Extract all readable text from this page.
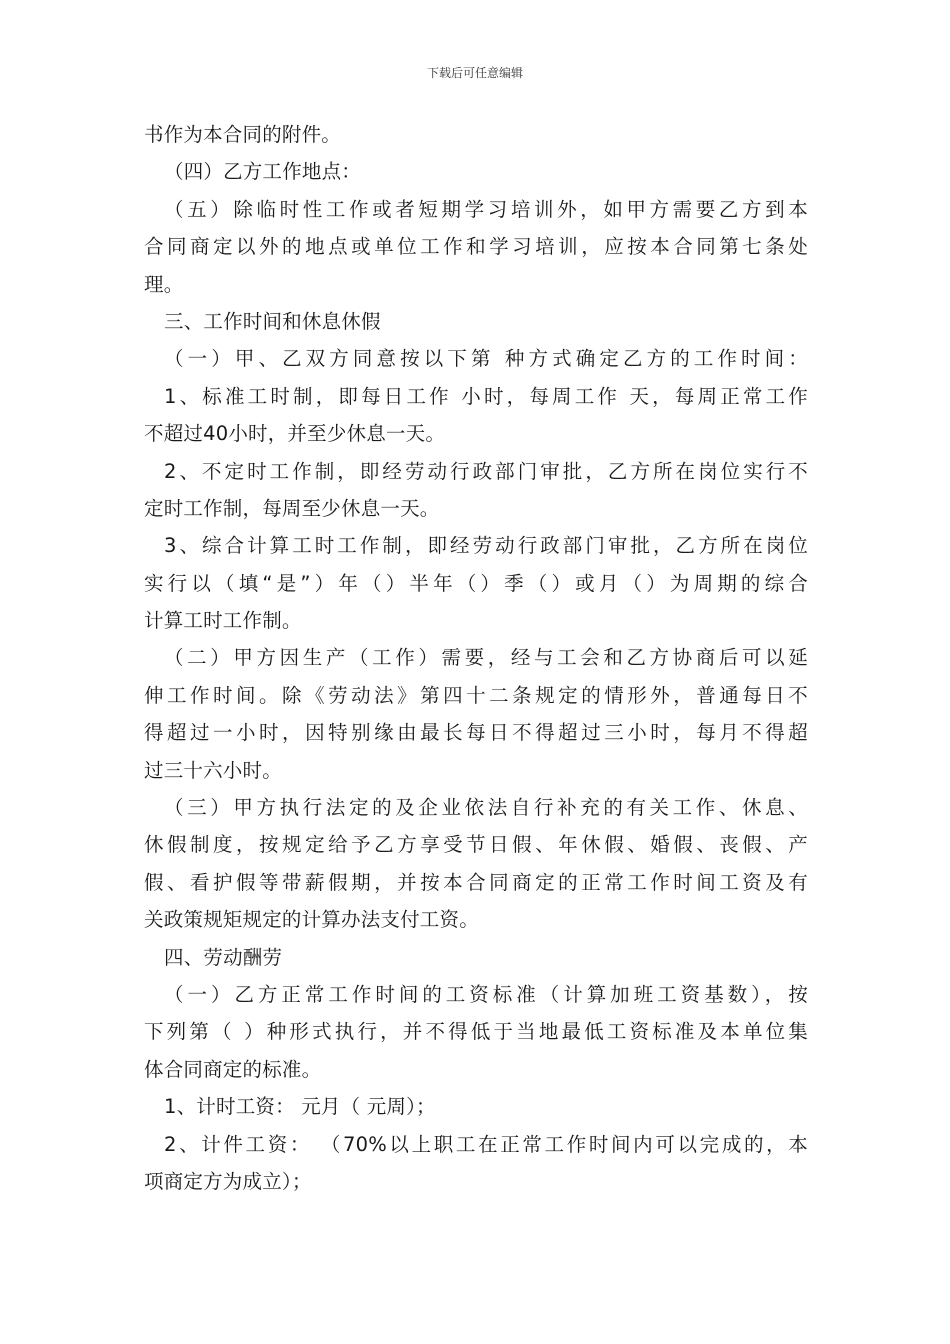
下载后可任意编辑
书作为本合同的附件。
（四）乙方工作地点：
（五）除临时性工作或者短期学习培训外，如甲方需要乙方到本
合同商定以外的地点或单位工作和学习培训，应按本合同第七条处
理。
三、工作时间和休息休假
（一）甲、乙双方同意按以下第 种方式确定乙方的工作时间：
1、标准工时制，即每日工作 小时，每周工作 天，每周正常工作
不超过40小时，并至少休息一天。
2、不定时工作制，即经劳动行政部门审批，乙方所在岗位实行不
定时工作制，每周至少休息一天。
3、综合计算工时工作制，即经劳动行政部门审批，乙方所在岗位
实行以（填“是”）年（）半年（）季（）或月（）为周期的综合
计算工时工作制。
（二）甲方因生产（工作）需要，经与工会和乙方协商后可以延
伸工作时间。除《劳动法》第四十二条规定的情形外，普通每日不
得超过一小时，因特别缘由最长每日不得超过三小时，每月不得超
过三十六小时。
（三）甲方执行法定的及企业依法自行补充的有关工作、休息、
休假制度，按规定给予乙方享受节日假、年休假、婚假、丧假、产
假、看护假等带薪假期，并按本合同商定的正常工作时间工资及有
关政策规矩规定的计算办法支付工资。
四、劳动酬劳
（一）乙方正常工作时间的工资标准（计算加班工资基数），按
下列第（ ）种形式执行，并不得低于当地最低工资标准及本单位集
体合同商定的标准。
1、计时工资： 元月（ 元周）；
2、计件工资： （70%以上职工在正常工作时间内可以完成的，本
项商定方为成立）；
